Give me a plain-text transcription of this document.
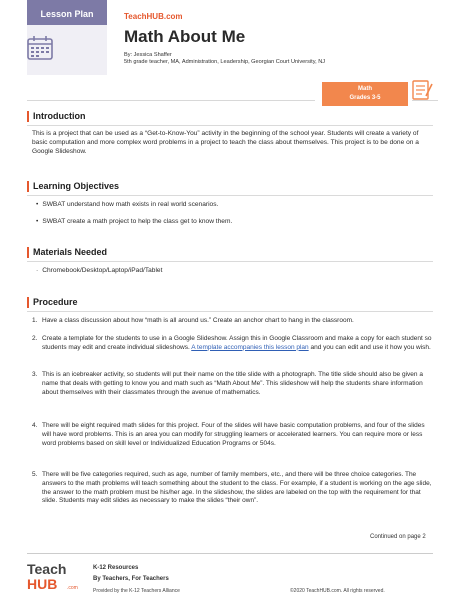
Lesson Plan	TeachHUB.com
Math About Me
By: Jessica Shaffer
5th grade teacher, MA, Administration, Leadership, Georgian Court University, NJ
Math
Grades 3-5
Introduction
This is a project that can be used as a “Get-to-Know-You” activity in the beginning of the school year. Students will create a variety of basic computation and more complex word problems in a project to teach the class about themselves. This project is to be done on a Google Slideshow.
Learning Objectives
• SWBAT understand how math exists in real world scenarios.
• SWBAT create a math project to help the class get to know them.
Materials Needed
· Chromebook/Desktop/Laptop/iPad/Tablet
Procedure
1. Have a class discussion about how “math is all around us.” Create an anchor chart to hang in the classroom.
2. Create a template for the students to use in a Google Slideshow. Assign this in Google Classroom and make a copy for each student so students may edit and create individual slideshows. A template accompanies this lesson plan and you can edit and use it how you wish.
3. This is an icebreaker activity, so students will put their name on the title slide with a photograph. The title slide should also be given a name that deals with getting to know you and math such as “Math About Me”. This slideshow will help the students share information about themselves with their classmates through the avenue of mathematics.
4. There will be eight required math slides for this project. Four of the slides will have basic computation problems, and four of the slides will have word problems. This is an area you can modify for struggling learners or accelerated learners. You can require more or less word problems based on skill level or Individualized Education Programs or 504s.
5. There will be five categories required, such as age, number of family members, etc., and there will be three choice categories. The answers to the math problems will teach something about the student to the class. For example, if a student is working on the age slide, the answer to the math problem must be his/her age. In the slideshow, the slides are labeled on the top with the requirement for that slide. Students may edit slides as necessary to make the slides “their own”.
Continued on page 2
Teach
HUB .com
K-12 Resources
By Teachers, For Teachers
Provided by the K-12 Teachers Alliance	©2020 TeachHUB.com. All rights reserved.
